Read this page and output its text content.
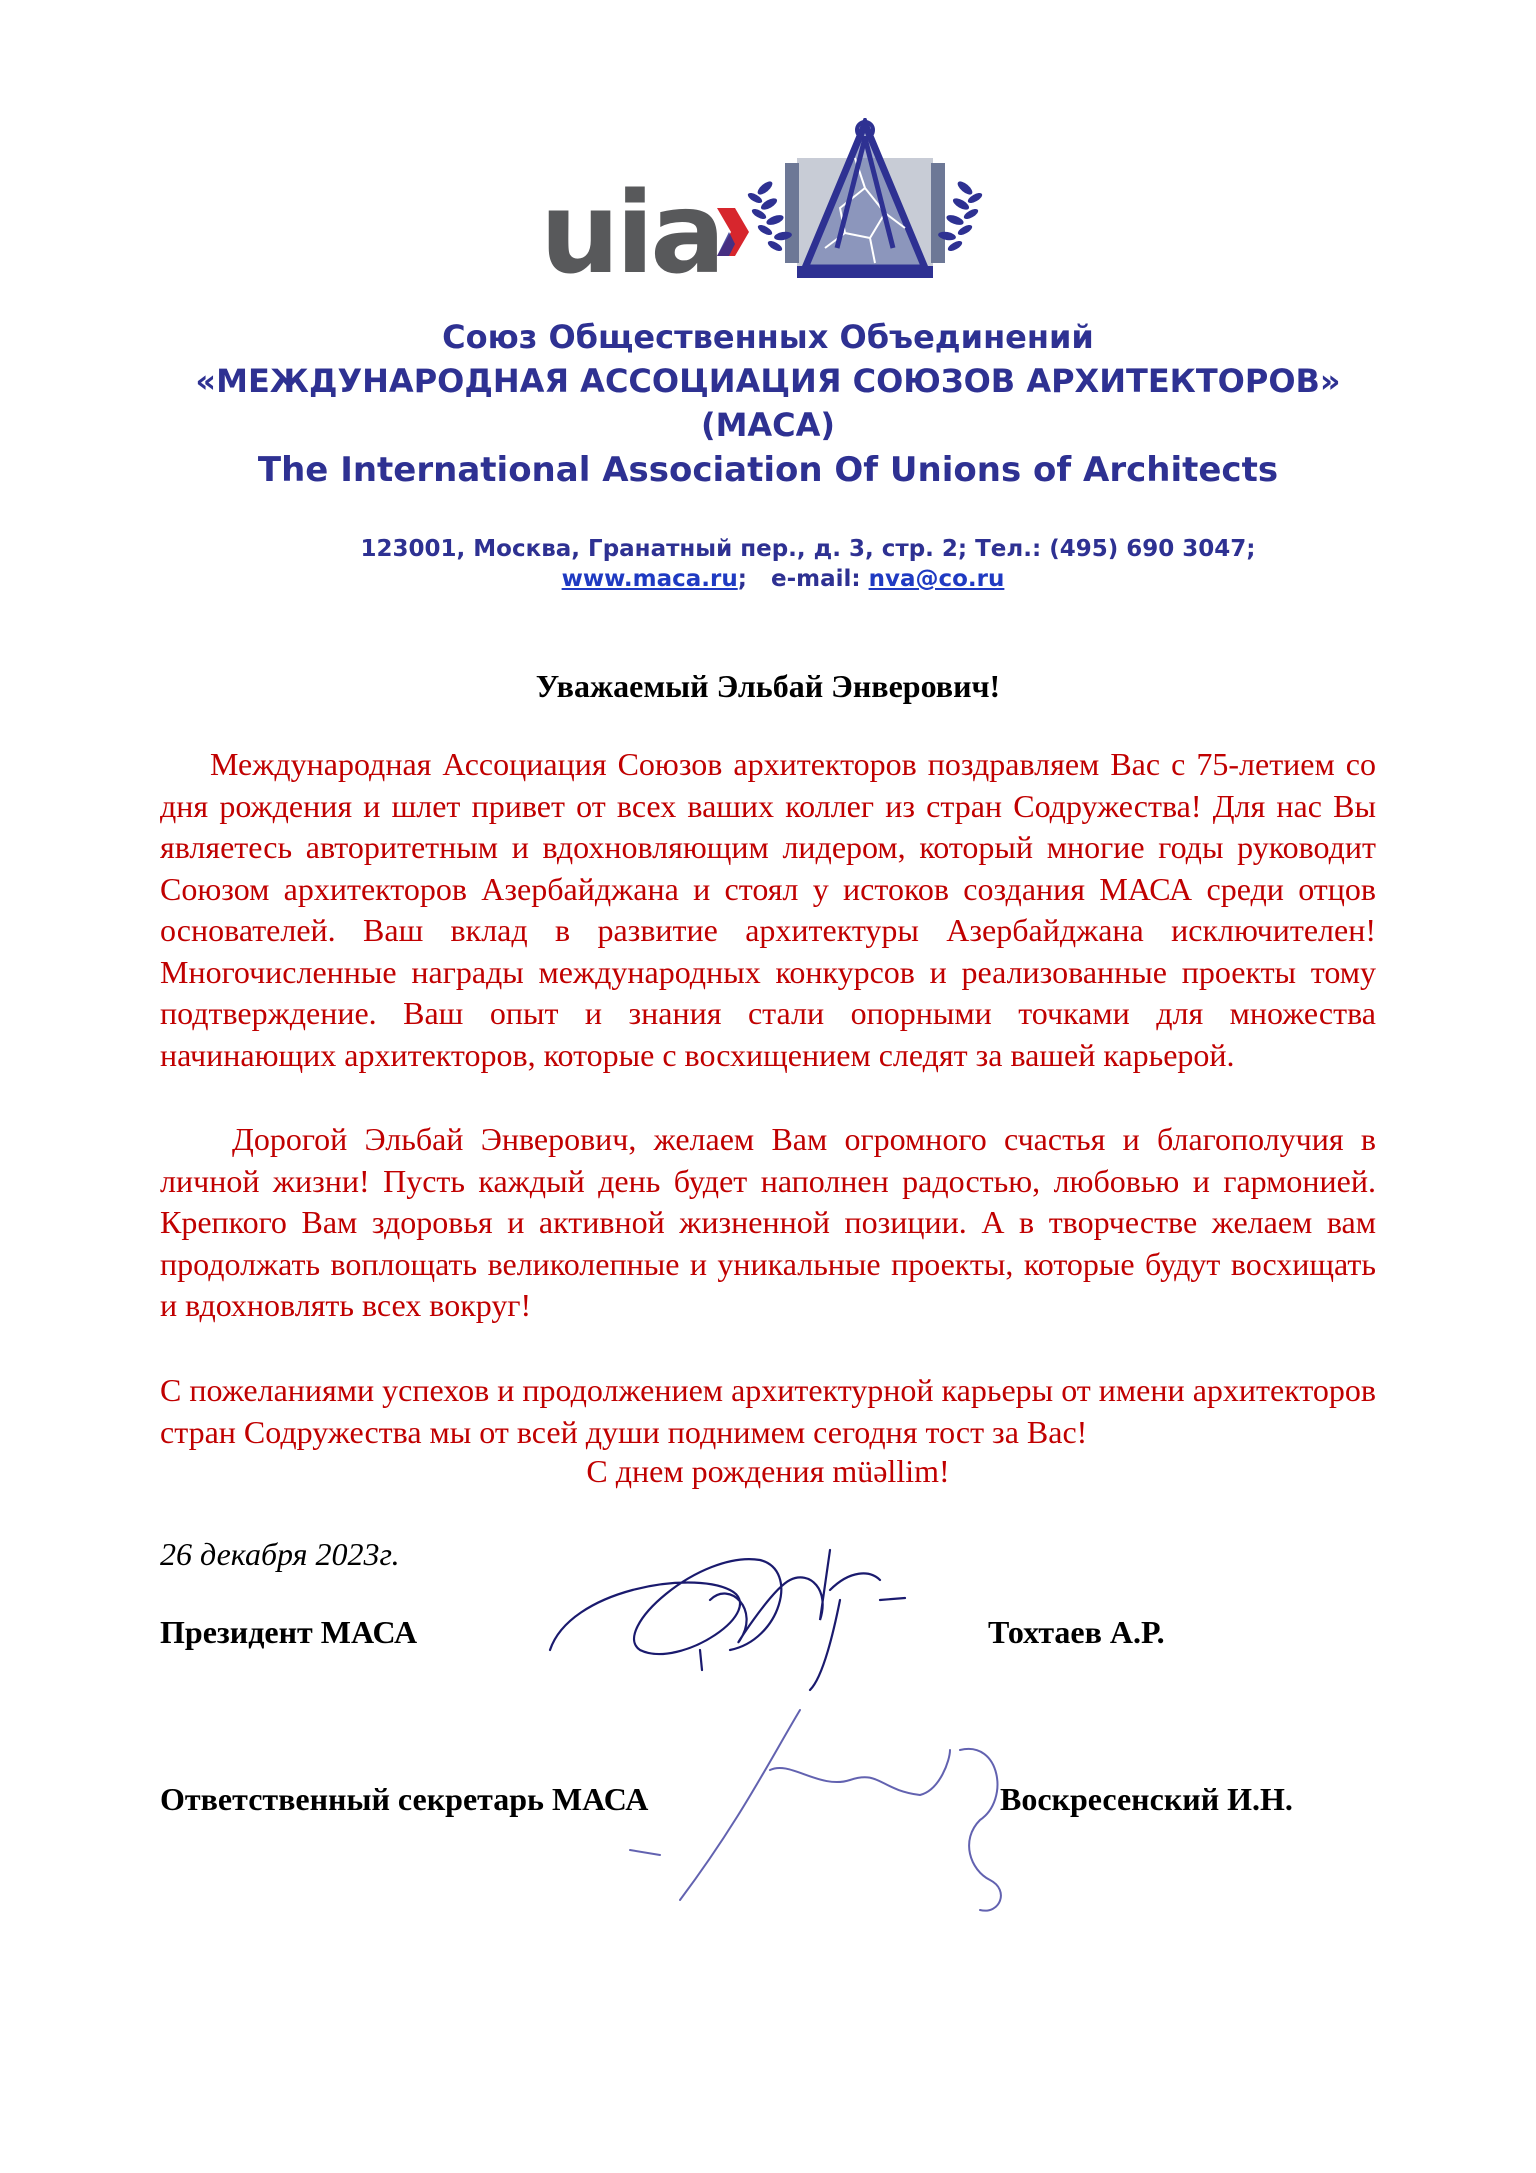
uia
Союз Общественных Объединений
«МЕЖДУНАРОДНАЯ АССОЦИАЦИЯ СОЮЗОВ АРХИТЕКТОРОВ»
(МАСА)
The International Association Of Unions of Architects
123001, Москва, Гранатный пер., д. 3, стр. 2; Тел.: (495) 690 3047;
www.maca.ru; e-mail: nva@co.ru
Уважаемый Эльбай Энверович!
Международная Ассоциация Союзов архитекторов поздравляем Вас с 75-летием со дня рождения и шлет привет от всех ваших коллег из стран Содружества! Для нас Вы являетесь авторитетным и вдохновляющим лидером, который многие годы руководит Союзом архитекторов Азербайджана и стоял у истоков создания МАСА среди отцов основателей. Ваш вклад в развитие архитектуры Азербайджана исключителен! Многочисленные награды международных конкурсов и реализованные проекты тому подтверждение. Ваш опыт и знания стали опорными точками для множества начинающих архитекторов, которые с восхищением следят за вашей карьерой.
Дорогой Эльбай Энверович, желаем Вам огромного счастья и благополучия в личной жизни! Пусть каждый день будет наполнен радостью, любовью и гармонией. Крепкого Вам здоровья и активной жизненной позиции. А в творчестве желаем вам продолжать воплощать великолепные и уникальные проекты, которые будут восхищать и вдохновлять всех вокруг!
С пожеланиями успехов и продолжением архитектурной карьеры от имени архитекторов стран Содружества мы от всей души поднимем сегодня тост за Вас!
С днем рождения müəllim!
26 декабря 2023г.
Президент МАСА	Тохтаев А.Р.
Ответственный секретарь МАСА	Воскресенский И.Н.
